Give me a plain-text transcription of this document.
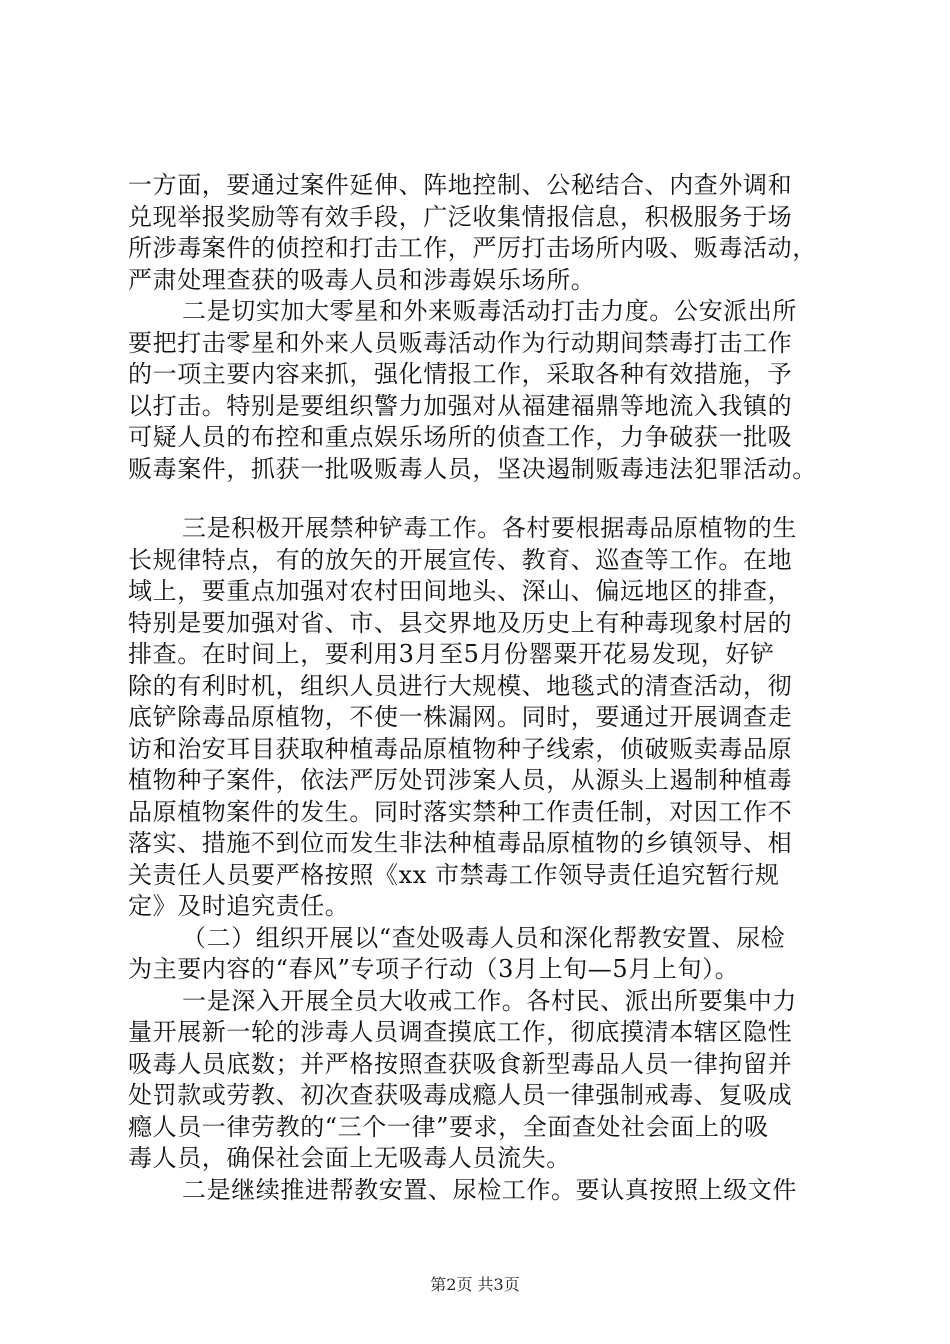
一方面，要通过案件延伸、阵地控制、公秘结合、内查外调和
兑现举报奖励等有效手段，广泛收集情报信息，积极服务于场
所涉毒案件的侦控和打击工作，严厉打击场所内吸、贩毒活动，
严肃处理查获的吸毒人员和涉毒娱乐场所。
二是切实加大零星和外来贩毒活动打击力度。公安派出所
要把打击零星和外来人员贩毒活动作为行动期间禁毒打击工作
的一项主要内容来抓，强化情报工作，采取各种有效措施，予
以打击。特别是要组织警力加强对从福建福鼎等地流入我镇的
可疑人员的布控和重点娱乐场所的侦查工作，力争破获一批吸
贩毒案件，抓获一批吸贩毒人员，坚决遏制贩毒违法犯罪活动。
三是积极开展禁种铲毒工作。各村要根据毒品原植物的生
长规律特点，有的放矢的开展宣传、教育、巡查等工作。在地
域上，要重点加强对农村田间地头、深山、偏远地区的排查，
特别是要加强对省、市、县交界地及历史上有种毒现象村居的
排查。在时间上，要利用3月至5月份罂粟开花易发现，好铲
除的有利时机，组织人员进行大规模、地毯式的清查活动，彻
底铲除毒品原植物，不使一株漏网。同时，要通过开展调查走
访和治安耳目获取种植毒品原植物种子线索，侦破贩卖毒品原
植物种子案件，依法严厉处罚涉案人员，从源头上遏制种植毒
品原植物案件的发生。同时落实禁种工作责任制，对因工作不
落实、措施不到位而发生非法种植毒品原植物的乡镇领导、相
关责任人员要严格按照《xx 市禁毒工作领导责任追究暂行规
定》及时追究责任。
（二）组织开展以“查处吸毒人员和深化帮教安置、尿检
为主要内容的“春风”专项子行动（3月上旬—5月上旬）。
一是深入开展全员大收戒工作。各村民、派出所要集中力
量开展新一轮的涉毒人员调查摸底工作，彻底摸清本辖区隐性
吸毒人员底数；并严格按照查获吸食新型毒品人员一律拘留并
处罚款或劳教、初次查获吸毒成瘾人员一律强制戒毒、复吸成
瘾人员一律劳教的“三个一律”要求，全面查处社会面上的吸
毒人员，确保社会面上无吸毒人员流失。
二是继续推进帮教安置、尿检工作。要认真按照上级文件
第2页 共3页
